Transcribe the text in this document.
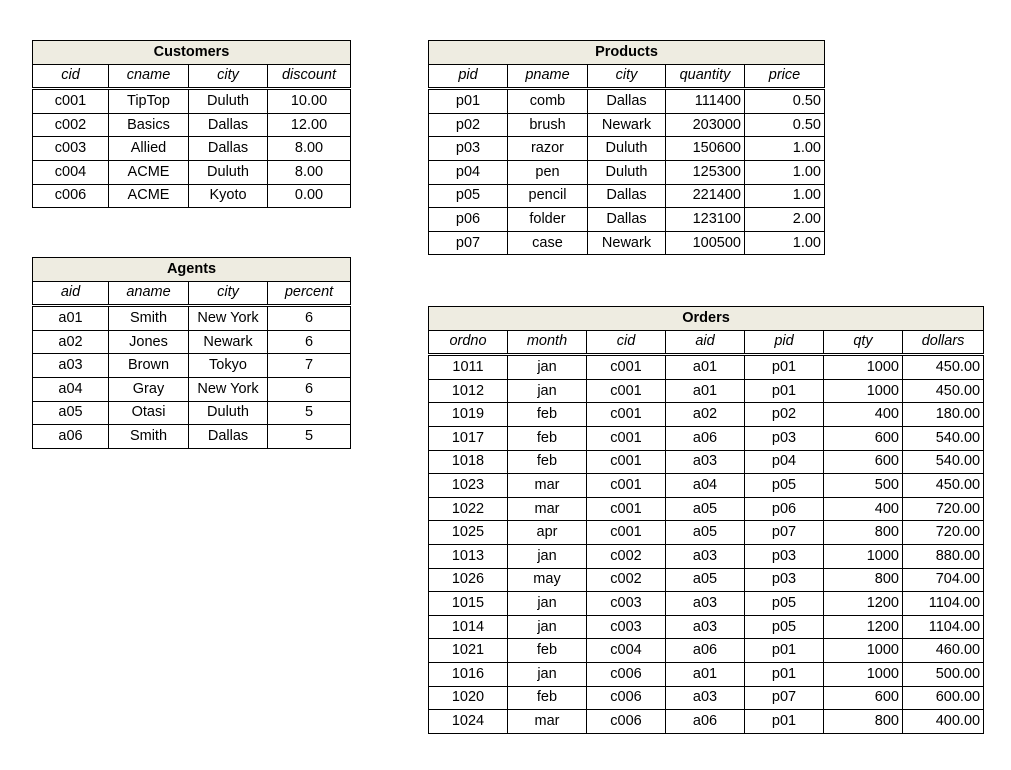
Customers			
cid	cname	city	discount
c001	TipTop	Duluth	10.00
c002	Basics	Dallas	12.00
c003	Allied	Dallas	8.00
c004	ACME	Duluth	8.00
c006	ACME	Kyoto	0.00
Products				
pid	pname	city	quantity	price
p01	comb	Dallas	111400	0.50
p02	brush	Newark	203000	0.50
p03	razor	Duluth	150600	1.00
p04	pen	Duluth	125300	1.00
p05	pencil	Dallas	221400	1.00
p06	folder	Dallas	123100	2.00
p07	case	Newark	100500	1.00
Agents			
aid	aname	city	percent
a01	Smith	New York	6
a02	Jones	Newark	6
a03	Brown	Tokyo	7
a04	Gray	New York	6
a05	Otasi	Duluth	5
a06	Smith	Dallas	5
Orders						
ordno	month	cid	aid	pid	qty	dollars
1011	jan	c001	a01	p01	1000	450.00
1012	jan	c001	a01	p01	1000	450.00
1019	feb	c001	a02	p02	400	180.00
1017	feb	c001	a06	p03	600	540.00
1018	feb	c001	a03	p04	600	540.00
1023	mar	c001	a04	p05	500	450.00
1022	mar	c001	a05	p06	400	720.00
1025	apr	c001	a05	p07	800	720.00
1013	jan	c002	a03	p03	1000	880.00
1026	may	c002	a05	p03	800	704.00
1015	jan	c003	a03	p05	1200	1104.00
1014	jan	c003	a03	p05	1200	1104.00
1021	feb	c004	a06	p01	1000	460.00
1016	jan	c006	a01	p01	1000	500.00
1020	feb	c006	a03	p07	600	600.00
1024	mar	c006	a06	p01	800	400.00
